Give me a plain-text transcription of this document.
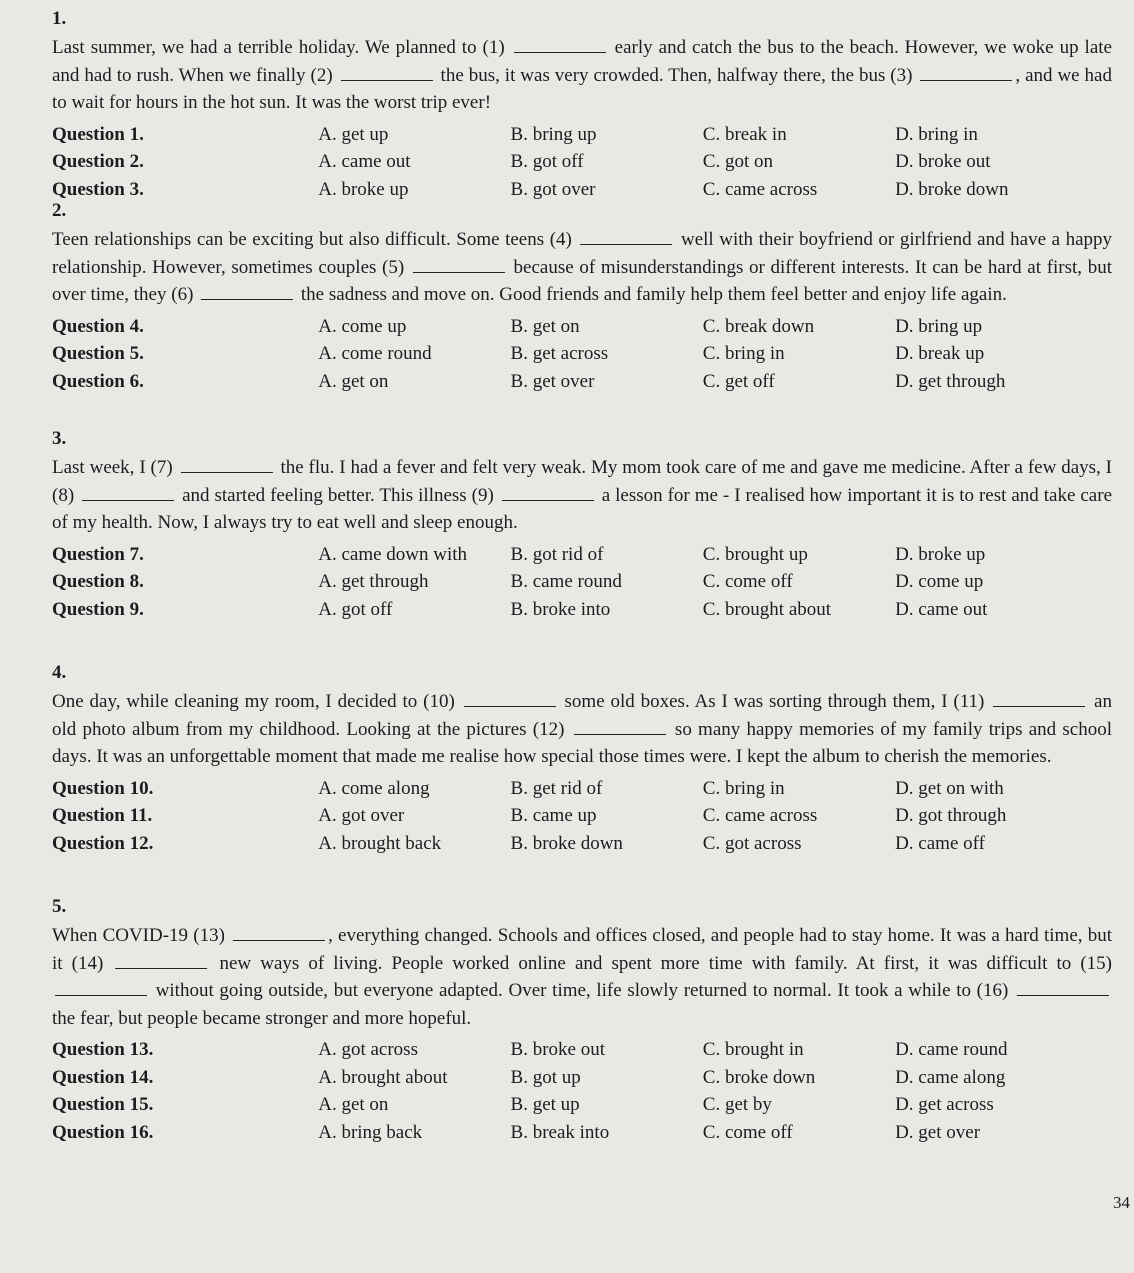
1.
Last summer, we had a terrible holiday. We planned to (1)	early and catch the bus to the beach. However, we woke up late and had to rush. When we finally (2)	the bus, it was very crowded. Then, halfway there, the bus (3)	, and we had to wait for hours in the hot sun. It was the worst trip ever!
Question 1.	A. get up	B. bring up	C. break in	D. bring in
Question 2.	A. came out	B. got off	C. got on	D. broke out
Question 3.	A. broke up	B. got over	C. came across	D. broke down
2.
Teen relationships can be exciting but also difficult. Some teens (4)	well with their boyfriend or girlfriend and have a happy relationship. However, sometimes couples (5)	because of misunderstandings or different interests. It can be hard at first, but over time, they (6)	the sadness and move on. Good friends and family help them feel better and enjoy life again.
Question 4.	A. come up	B. get on	C. break down	D. bring up
Question 5.	A. come round	B. get across	C. bring in	D. break up
Question 6.	A. get on	B. get over	C. get off	D. get through
3.
Last week, I (7)	the flu. I had a fever and felt very weak. My mom took care of me and gave me medicine. After a few days, I (8)	and started feeling better. This illness (9)	a lesson for me - I realised how important it is to rest and take care of my health. Now, I always try to eat well and sleep enough.
Question 7.	A. came down with	B. got rid of	C. brought up	D. broke up
Question 8.	A. get through	B. came round	C. come off	D. come up
Question 9.	A. got off	B. broke into	C. brought about	D. came out
4.
One day, while cleaning my room, I decided to (10)	some old boxes. As I was sorting through them, I (11)	an old photo album from my childhood. Looking at the pictures (12)	so many happy memories of my family trips and school days. It was an unforgettable moment that made me realise how special those times were. I kept the album to cherish the memories.
Question 10.	A. come along	B. get rid of	C. bring in	D. get on with
Question 11.	A. got over	B. came up	C. came across	D. got through
Question 12.	A. brought back	B. broke down	C. got across	D. came off
5.
When COVID-19 (13)	, everything changed. Schools and offices closed, and people had to stay home. It was a hard time, but it (14)	new ways of living. People worked online and spent more time with family. At first, it was difficult to (15)  without going outside, but everyone adapted. Over time, life slowly returned to normal. It took a while to (16)  the fear, but people became stronger and more hopeful.
Question 13.	A. got across	B. broke out	C. brought in	D. came round
Question 14.	A. brought about	B. got up	C. broke down	D. came along
Question 15.	A. get on	B. get up	C. get by	D. get across
Question 16.	A. bring back	B. break into	C. come off	D. get over
34
